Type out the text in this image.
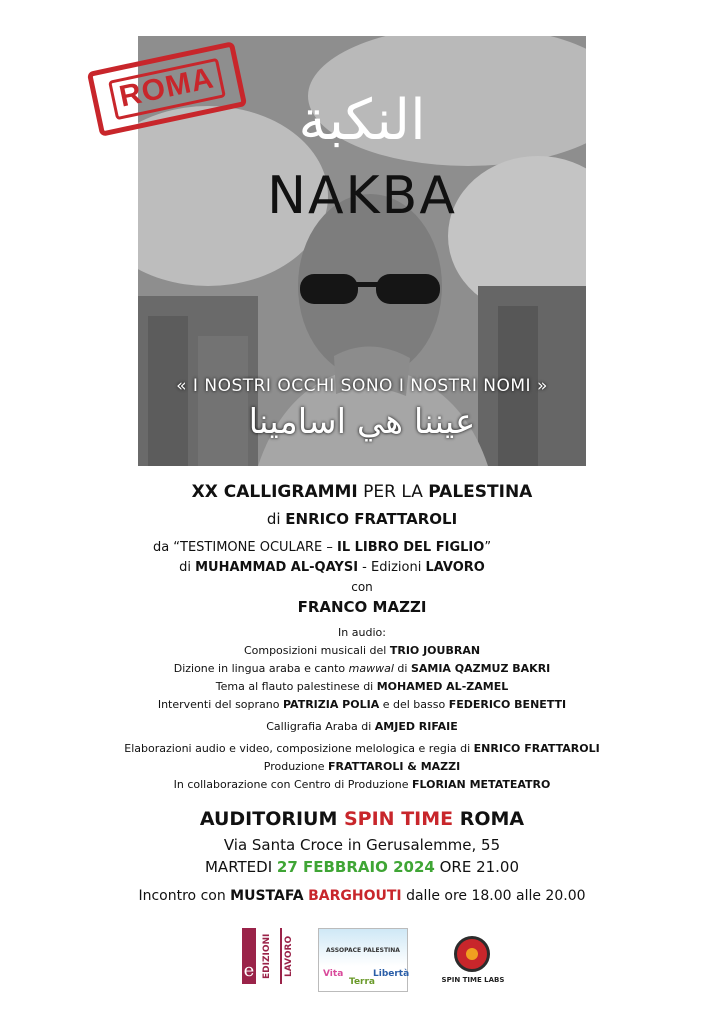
النكبة
NAKBA
« I NOSTRI OCCHI SONO I NOSTRI NOMI »
عيننا هي اسامينا
ROMA
XX CALLIGRAMMI PER LA PALESTINA
di ENRICO FRATTAROLI
da “TESTIMONE OCULARE – IL LIBRO DEL FIGLIO”
di MUHAMMAD AL-QAYSI - Edizioni LAVORO
con
FRANCO MAZZI
In audio:
Composizioni musicali del TRIO JOUBRAN
Dizione in lingua araba e canto mawwal di SAMIA QAZMUZ BAKRI
Tema al flauto palestinese di MOHAMED AL-ZAMEL
Interventi del soprano PATRIZIA POLIA e del basso FEDERICO BENETTI
Calligrafia Araba di AMJED RIFAIE
Elaborazioni audio e video, composizione melologica e regia di ENRICO FRATTAROLI
Produzione FRATTAROLI & MAZZI
In collaborazione con Centro di Produzione FLORIAN METATEATRO
AUDITORIUM SPIN TIME ROMA
Via Santa Croce in Gerusalemme, 55
MARTEDI 27 FEBBRAIO 2024 ORE 21.00
Incontro con MUSTAFA BARGHOUTI dalle ore 18.00 alle 20.00
e EDIZIONI LAVORO	ASSOPACE PALESTINA
Vita
Terra
Libertà
SPIN TIME LABS
